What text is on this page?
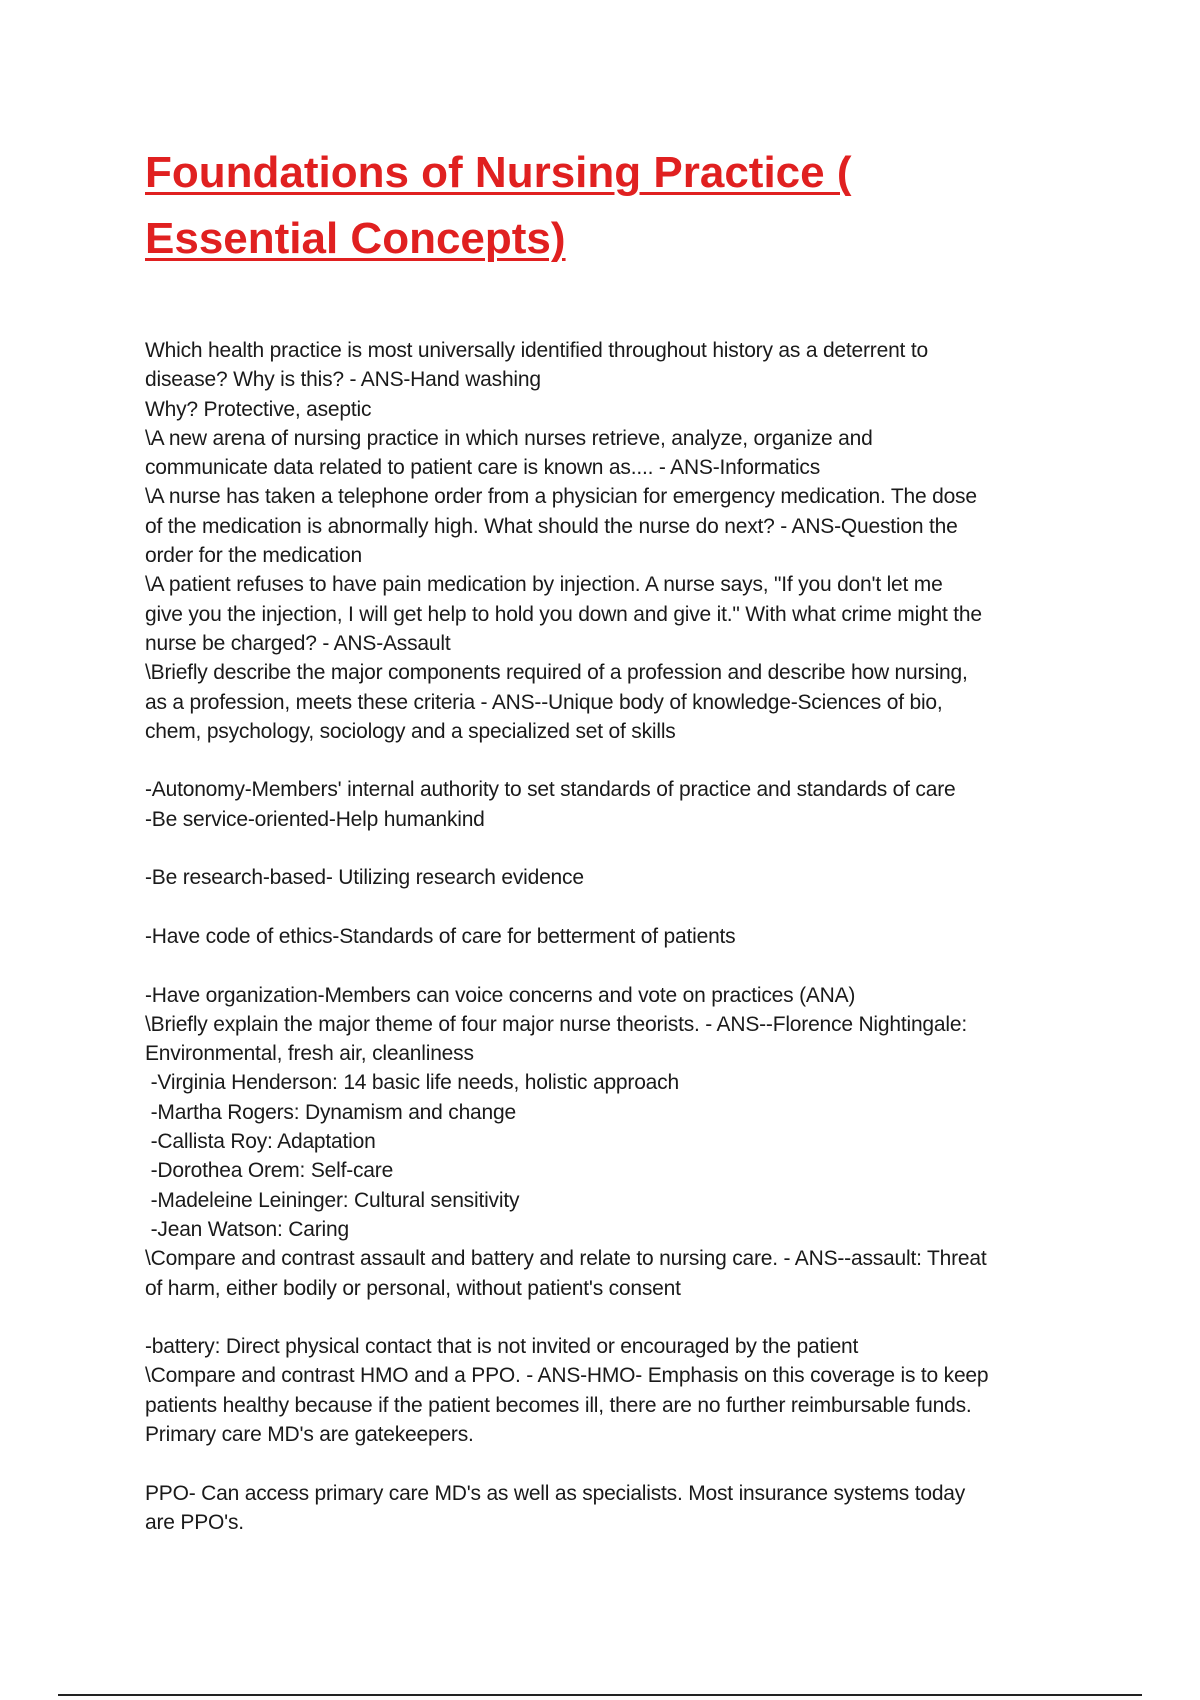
Foundations of Nursing Practice (
Essential Concepts)
Which health practice is most universally identified throughout history as a deterrent to
disease? Why is this? - ANS-Hand washing
Why? Protective, aseptic
\A new arena of nursing practice in which nurses retrieve, analyze, organize and
communicate data related to patient care is known as.... - ANS-Informatics
\A nurse has taken a telephone order from a physician for emergency medication. The dose
of the medication is abnormally high. What should the nurse do next? - ANS-Question the
order for the medication
\A patient refuses to have pain medication by injection. A nurse says, "If you don't let me
give you the injection, I will get help to hold you down and give it." With what crime might the
nurse be charged? - ANS-Assault
\Briefly describe the major components required of a profession and describe how nursing,
as a profession, meets these criteria - ANS--Unique body of knowledge-Sciences of bio,
chem, psychology, sociology and a specialized set of skills
-Autonomy-Members' internal authority to set standards of practice and standards of care
-Be service-oriented-Help humankind
-Be research-based- Utilizing research evidence
-Have code of ethics-Standards of care for betterment of patients
-Have organization-Members can voice concerns and vote on practices (ANA)
\Briefly explain the major theme of four major nurse theorists. - ANS--Florence Nightingale:
Environmental, fresh air, cleanliness
-Virginia Henderson: 14 basic life needs, holistic approach
-Martha Rogers: Dynamism and change
-Callista Roy: Adaptation
-Dorothea Orem: Self-care
-Madeleine Leininger: Cultural sensitivity
-Jean Watson: Caring
\Compare and contrast assault and battery and relate to nursing care. - ANS--assault: Threat
of harm, either bodily or personal, without patient's consent
-battery: Direct physical contact that is not invited or encouraged by the patient
\Compare and contrast HMO and a PPO. - ANS-HMO- Emphasis on this coverage is to keep
patients healthy because if the patient becomes ill, there are no further reimbursable funds.
Primary care MD's are gatekeepers.
PPO- Can access primary care MD's as well as specialists. Most insurance systems today
are PPO's.
